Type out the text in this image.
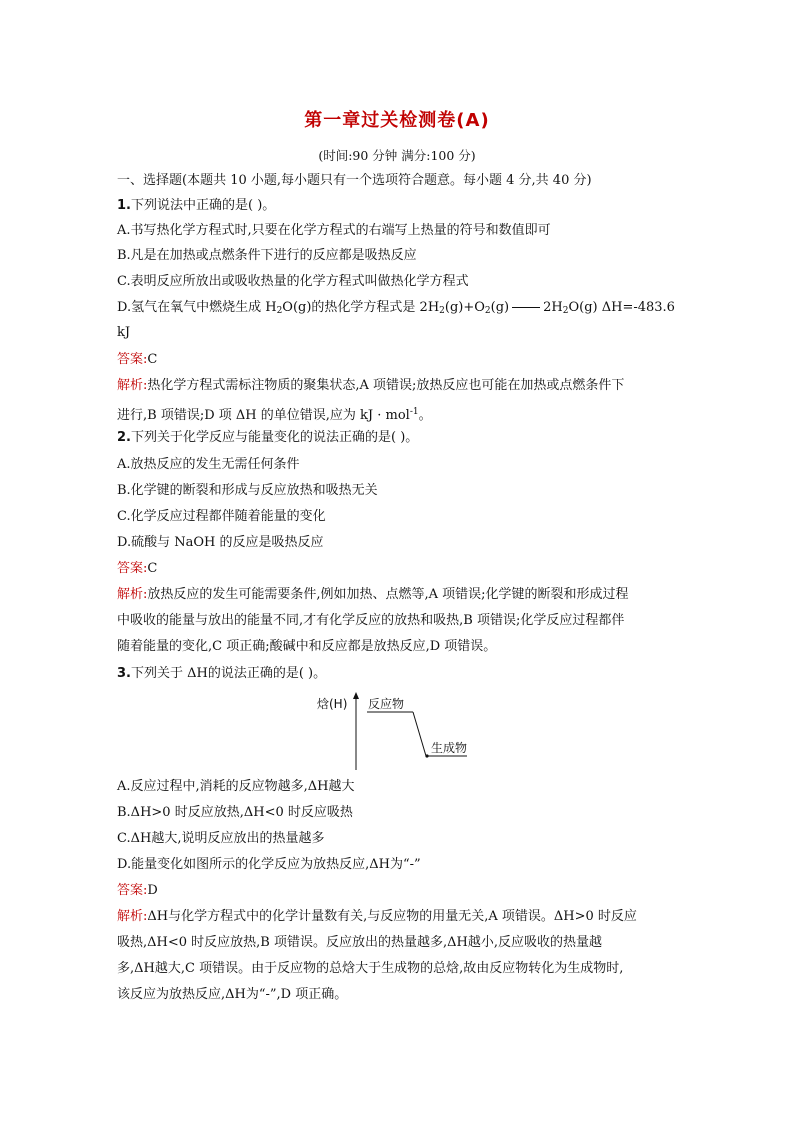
第一章过关检测卷(A)
(时间:90 分钟 满分:100 分)
一、选择题(本题共 10 小题,每小题只有一个选项符合题意。每小题 4 分,共 40 分)
1.下列说法中正确的是( )。
A.书写热化学方程式时,只要在化学方程式的右端写上热量的符号和数值即可
B.凡是在加热或点燃条件下进行的反应都是吸热反应
C.表明反应所放出或吸收热量的化学方程式叫做热化学方程式
D.氢气在氧气中燃烧生成 $H_2O(g)$的热化学方程式是 $2H_2(g)+O_2(g)$	$2H_2O(g)$ ΔH=-483.6
kJ
答案:C
解析:热化学方程式需标注物质的聚集状态,A 项错误;放热反应也可能在加热或点燃条件下
进行,B 项错误;D 项 ΔH 的单位错误,应为 kJ · mol$^{-1}$。
2.下列关于化学反应与能量变化的说法正确的是( )。
A.放热反应的发生无需任何条件
B.化学键的断裂和形成与反应放热和吸热无关
C.化学反应过程都伴随着能量的变化
D.硫酸与 NaOH 的反应是吸热反应
答案:C
解析:放热反应的发生可能需要条件,例如加热、点燃等,A 项错误;化学键的断裂和形成过程
中吸收的能量与放出的能量不同,才有化学反应的放热和吸热,B 项错误;化学反应过程都伴
随着能量的变化,C 项正确;酸碱中和反应都是放热反应,D 项错误。
3.下列关于 ΔH的说法正确的是( )。
焓(H) 反应物
生成物
A.反应过程中,消耗的反应物越多,ΔH越大
B.ΔH>0 时反应放热,ΔH<0 时反应吸热
C.ΔH越大,说明反应放出的热量越多
D.能量变化如图所示的化学反应为放热反应,ΔH为“-”
答案:D
解析:ΔH与化学方程式中的化学计量数有关,与反应物的用量无关,A 项错误。ΔH>0 时反应
吸热,ΔH<0 时反应放热,B 项错误。反应放出的热量越多,ΔH越小,反应吸收的热量越
多,ΔH越大,C 项错误。由于反应物的总焓大于生成物的总焓,故由反应物转化为生成物时,
该反应为放热反应,ΔH为“-”,D 项正确。
